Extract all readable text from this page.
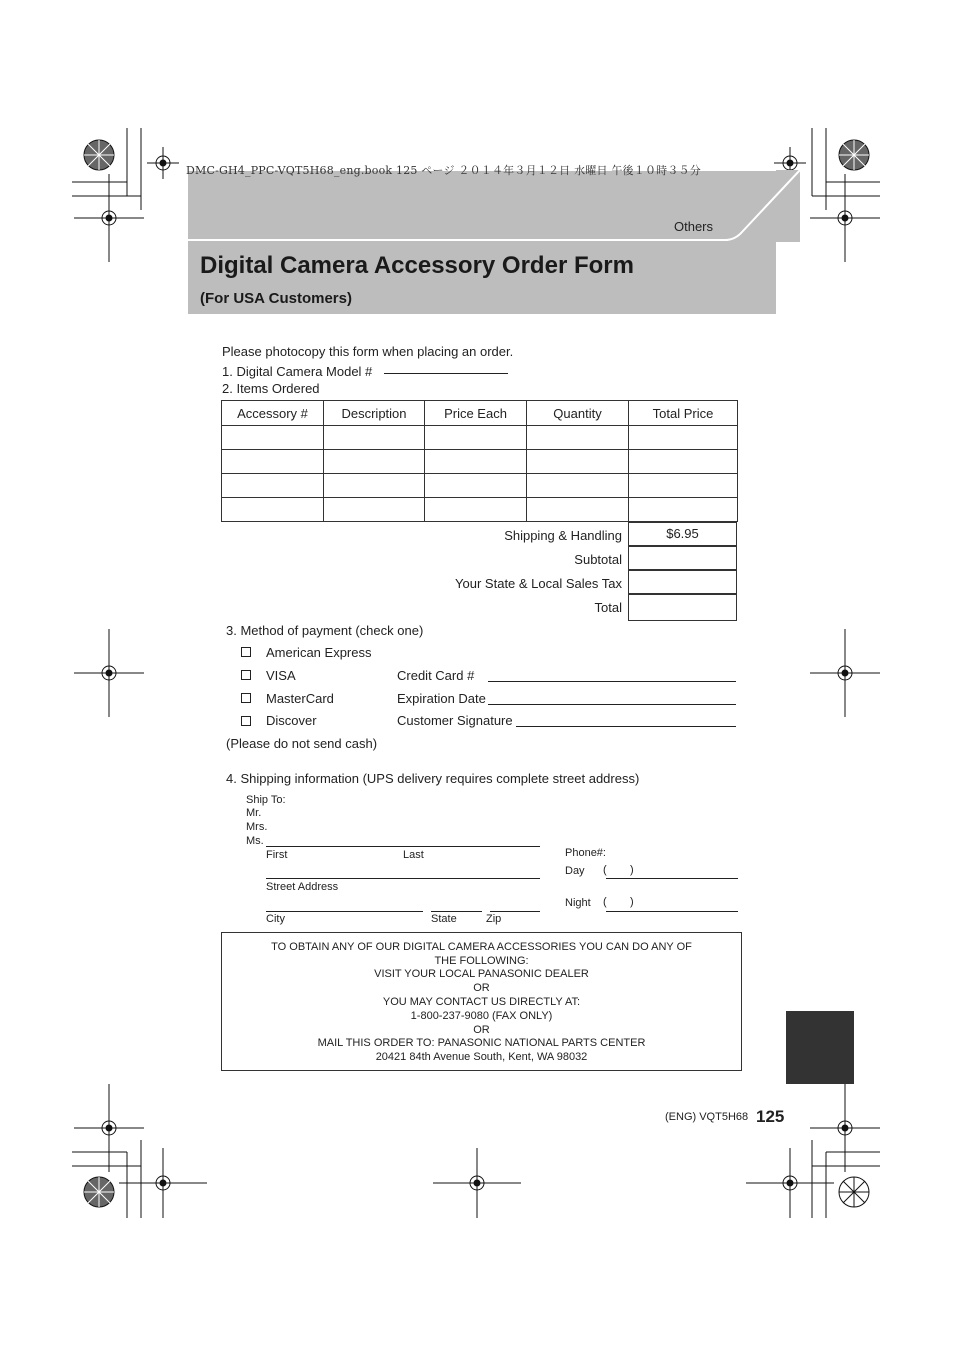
DMC-GH4_PPC-VQT5H68_eng.book 125 ページ ２０１４年３月１２日 水曜日 午後１０時３５分
Others
Digital Camera Accessory Order Form
(For USA Customers)
Please photocopy this form when placing an order.
1. Digital Camera Model #
2. Items Ordered
Accessory #	Description	Price Each	Quantity	Total Price

Shipping & Handling	$6.95
Subtotal
Your State & Local Sales Tax
Total
3. Method of payment (check one)
American Express
VISA	Credit Card #
MasterCard	Expiration Date
Discover	Customer Signature
(Please do not send cash)
4. Shipping information (UPS delivery requires complete street address)
Ship To:
Mr.
Mrs.
Ms.
First	Last
Street Address
City	State	Zip
Phone#:
Day ( )
Night ( )
TO OBTAIN ANY OF OUR DIGITAL CAMERA ACCESSORIES YOU CAN DO ANY OF
THE FOLLOWING:
VISIT YOUR LOCAL PANASONIC DEALER
OR
YOU MAY CONTACT US DIRECTLY AT:
1-800-237-9080 (FAX ONLY)
OR
MAIL THIS ORDER TO: PANASONIC NATIONAL PARTS CENTER
20421 84th Avenue South, Kent, WA 98032
(ENG) VQT5H68 125
